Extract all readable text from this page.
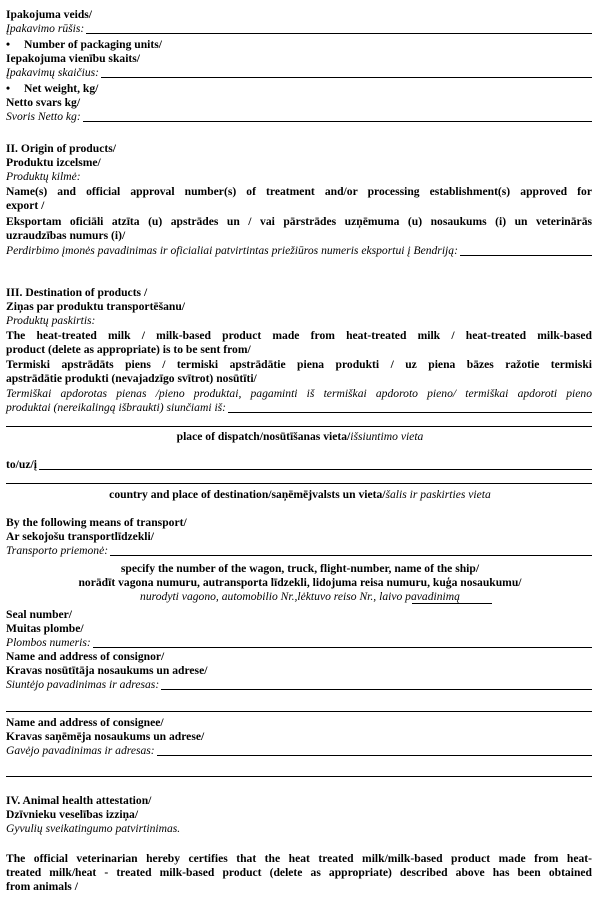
Ipakojuma veids/
Įpakavimo rūšis:
• Number of packaging units/
Iepakojuma vienību skaits/
Įpakavimų skaičius:
• Net weight, kg/
Netto svars kg/
Svoris Netto kg:
II. Origin of products/
Produktu izcelsme/
Produktų kilmė:
Name(s) and official approval number(s) of treatment and/or processing establishment(s) approved for
export /
Eksportam oficiāli atzīta (u) apstrādes un / vai pārstrādes uzņēmuma (u) nosaukums (i) un veterinārās
uzraudzības numurs (i)/
Perdirbimo įmonės pavadinimas ir oficialiai patvirtintas priežiūros numeris eksportui į Bendriją:
III. Destination of products /
Ziņas par produktu transportēšanu/
Produktų paskirtis:
The heat-treated milk / milk-based product made from heat-treated milk / heat-treated milk-based
product (delete as appropriate) is to be sent from/
Termiski apstrādāts piens / termiski apstrādātie piena produkti / uz piena bāzes ražotie termiski
apstrādātie produkti (nevajadzīgo svītrot) nosūtīti/
Termiškai apdorotas pienas /pieno produktai, pagaminti iš termiškai apdoroto pieno/ termiškai apdoroti pieno
produktai (nereikalingą išbraukti) siunčiami iš:
place of dispatch/nosūtīšanas vieta/išsiuntimo vieta
to/uz/į
country and place of destination/saņēmējvalsts un vieta/šalis ir paskirties vieta
By the following means of transport/
Ar sekojošu transportlīdzekli/
Transporto priemonė:
specify the number of the wagon, truck, flight-number, name of the ship/
norādīt vagona numuru, autransporta līdzekli, lidojuma reisa numuru, kuģa nosaukumu/
nurodyti vagono, automobilio Nr.,lėktuvo reiso Nr., laivo pavadinimą
Seal number/
Muitas plombe/
Plombos numeris:
Name and address of consignor/
Kravas nosūtītāja nosaukums un adrese/
Siuntėjo pavadinimas ir adresas:
Name and address of consignee/
Kravas saņēmēja nosaukums un adrese/
Gavėjo pavadinimas ir adresas:
IV. Animal health attestation/
Dzīvnieku veselības izziņa/
Gyvulių sveikatingumo patvirtinimas.
The official veterinarian hereby certifies that the heat treated milk/milk-based product made from heat-
treated milk/heat - treated milk-based product (delete as appropriate) described above has been obtained
from animals /
